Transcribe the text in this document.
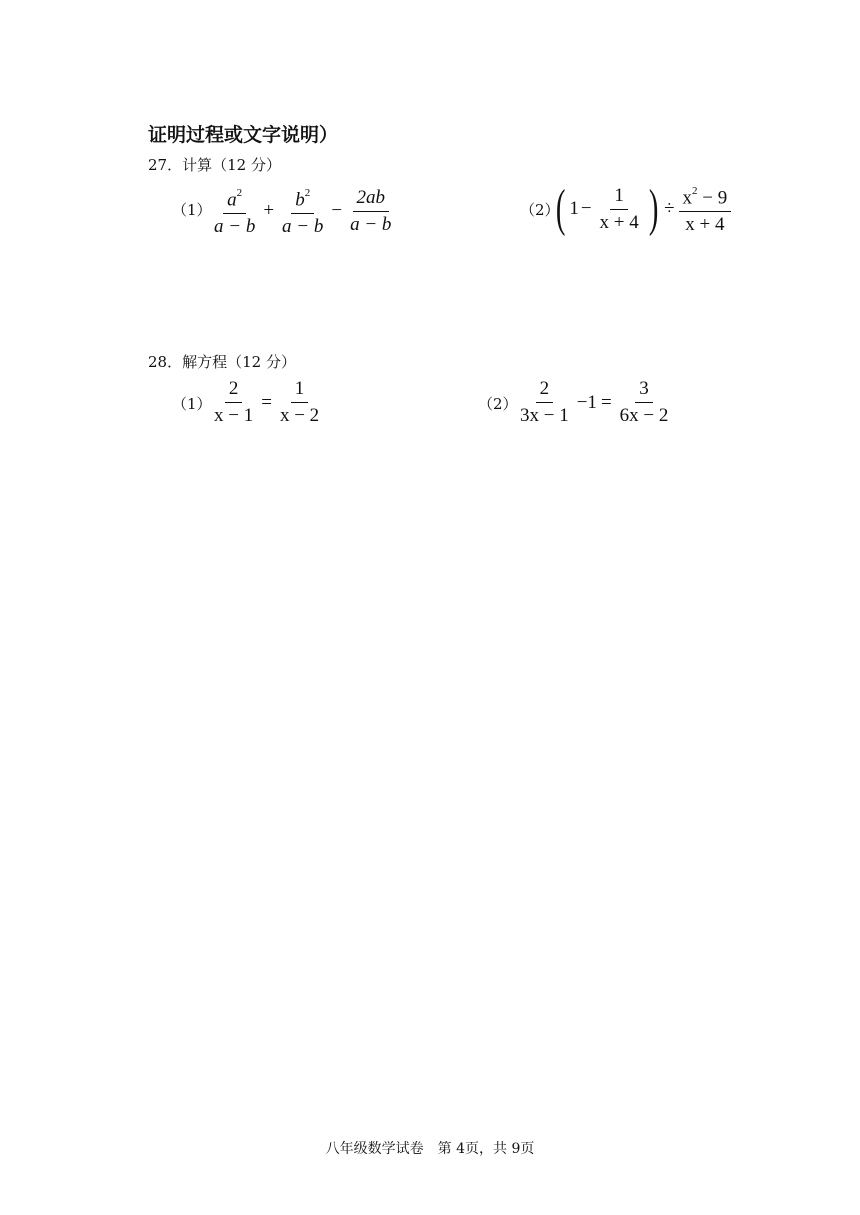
证明过程或文字说明）
27．计算（12 分）
（1）
$\frac{a^2}{a - b} + \frac{b^2}{a - b} - \frac{2ab}{a - b}$	（2）
( $1 - \frac{1}{x + 4}$ ) ÷ $\frac{x^2 - 9}{x + 4}$
28．解方程（12 分）
（1）
$\frac{2}{x - 1} = \frac{1}{x - 2}$	（2）
$\frac{2}{3x - 1} -1 = \frac{3}{6x - 2}$
八年级数学试卷　第 4页，共 9页
